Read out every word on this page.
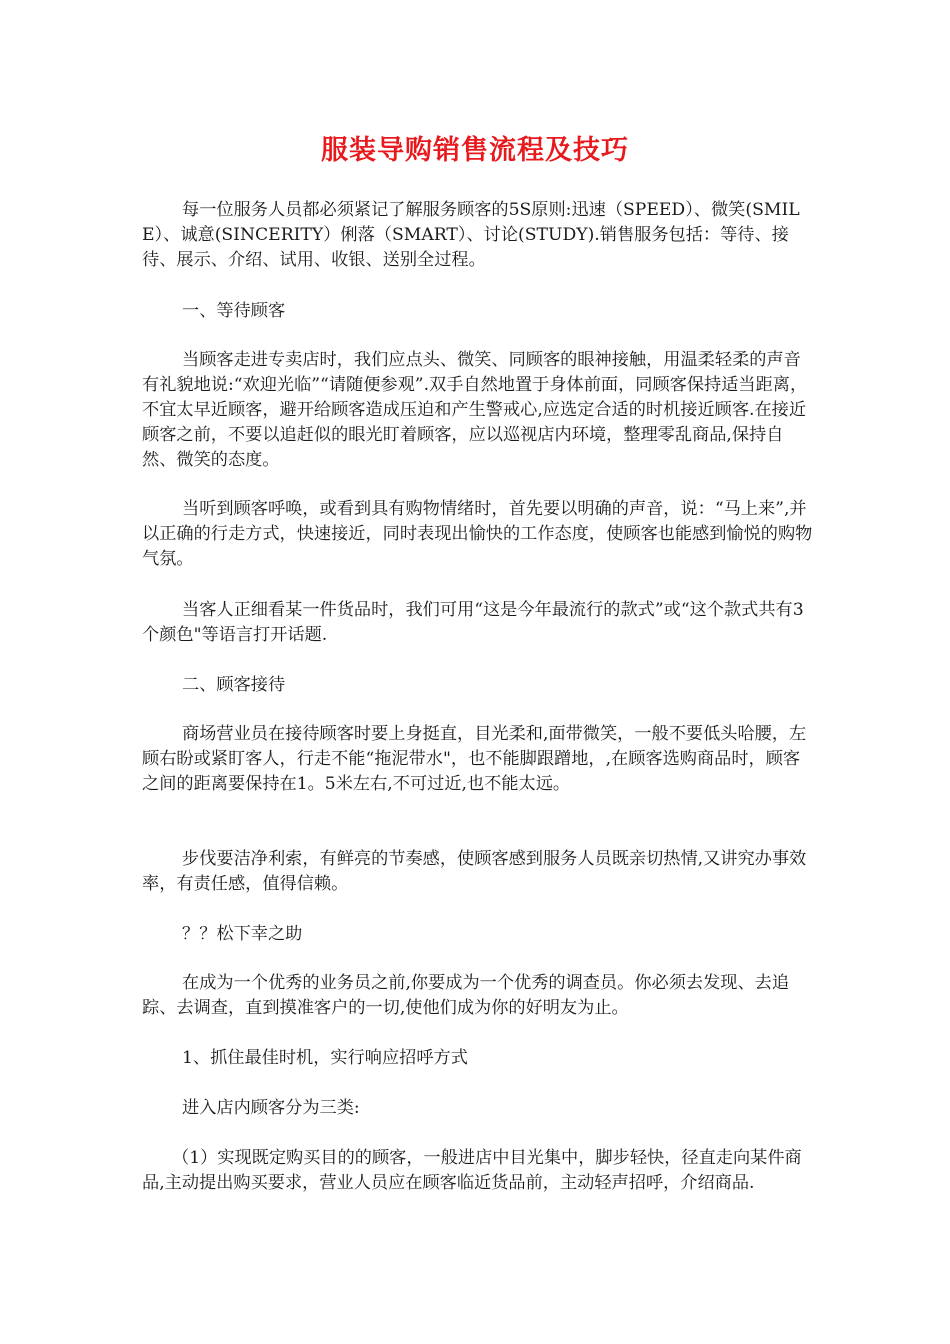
服装导购销售流程及技巧

每一位服务人员都必须紧记了解服务顾客的5S原则:迅速（SPEED）、微笑(SMILE）、诚意(SINCERITY）俐落（SMART）、讨论(STUDY).销售服务包括：等待、接待、展示、介绍、试用、收银、送别全过程。

一、等待顾客

当顾客走进专卖店时，我们应点头、微笑、同顾客的眼神接触，用温柔轻柔的声音有礼貌地说:“欢迎光临”“请随便参观”.双手自然地置于身体前面，同顾客保持适当距离，不宜太早近顾客，避开给顾客造成压迫和产生警戒心,应选定合适的时机接近顾客.在接近顾客之前，不要以追赶似的眼光盯着顾客，应以巡视店内环境，整理零乱商品,保持自然、微笑的态度。

当听到顾客呼唤，或看到具有购物情绪时，首先要以明确的声音，说：“马上来”,并以正确的行走方式，快速接近，同时表现出愉快的工作态度，使顾客也能感到愉悦的购物气氛。

当客人正细看某一件货品时，我们可用“这是今年最流行的款式”或“这个款式共有3个颜色"等语言打开话题.

二、顾客接待

商场营业员在接待顾客时要上身挺直，目光柔和,面带微笑，一般不要低头哈腰，左顾右盼或紧盯客人，行走不能“拖泥带水"，也不能脚跟蹭地，,在顾客选购商品时，顾客之间的距离要保持在1。5米左右,不可过近,也不能太远。

步伐要洁净利索，有鲜亮的节奏感，使顾客感到服务人员既亲切热情,又讲究办事效率，有责任感，值得信赖。

？？松下幸之助

在成为一个优秀的业务员之前,你要成为一个优秀的调查员。你必须去发现、去追踪、去调查，直到摸准客户的一切,使他们成为你的好明友为止。

1、抓住最佳时机，实行响应招呼方式

进入店内顾客分为三类:

（1）实现既定购买目的的顾客，一般进店中目光集中，脚步轻快，径直走向某件商品,主动提出购买要求，营业人员应在顾客临近货品前，主动轻声招呼，介绍商品.
